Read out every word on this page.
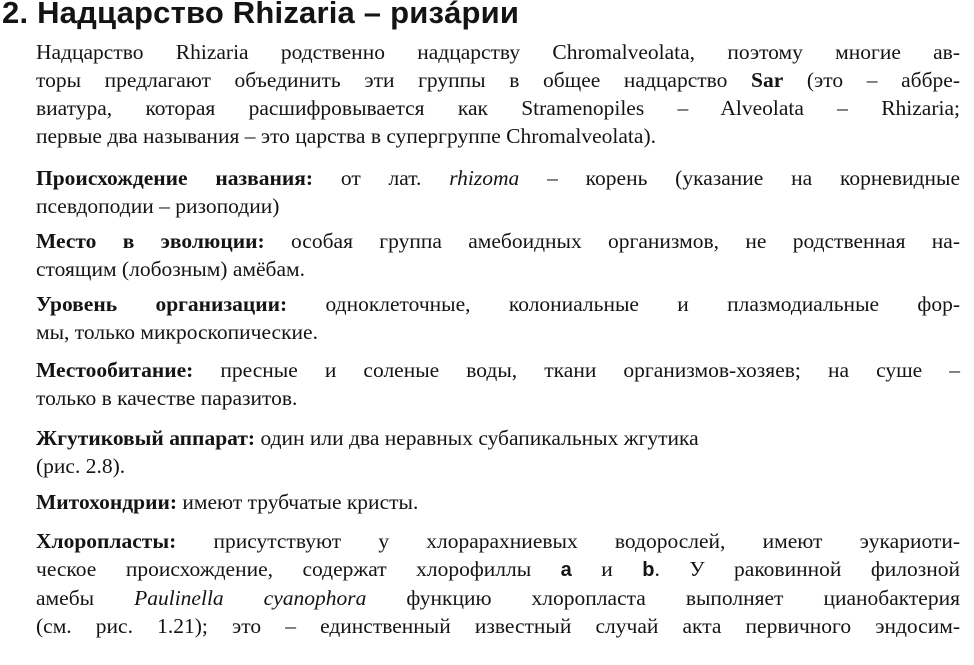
2. Надцарство Rhizaria – ризáрии

Надцарство Rhizaria родственно надцарству Chromalveolata, поэтому многие ав-
торы предлагают объединить эти группы в общее надцарство Sar (это – аббре-
виатура, которая расшифровывается как Stramenopiles – Alveolata – Rhizaria;
первые два называния – это царства в супергруппе Chromalveolata).

Происхождение названия: от лат. rhizoma – корень (указание на корневидные
псевдоподии – ризоподии)

Место в эволюции: особая группа амебоидных организмов, не родственная на-
стоящим (лобозным) амёбам.

Уровень организации: одноклеточные, колониальные и плазмодиальные фор-
мы, только микроскопические.

Местообитание: пресные и соленые воды, ткани организмов-хозяев; на суше –
только в качестве паразитов.

Жгутиковый аппарат: один или два неравных субапикальных жгутика
(рис. 2.8).

Митохондрии: имеют трубчатые кристы.

Хлоропласты: присутствуют у хлорарахниевых водорослей, имеют эукариоти-
ческое происхождение, содержат хлорофиллы a и b. У раковинной филозной
амебы Paulinella cyanophora функцию хлоропласта выполняет цианобактерия
(см. рис. 1.21); это – единственный известный случай акта первичного эндосим-
